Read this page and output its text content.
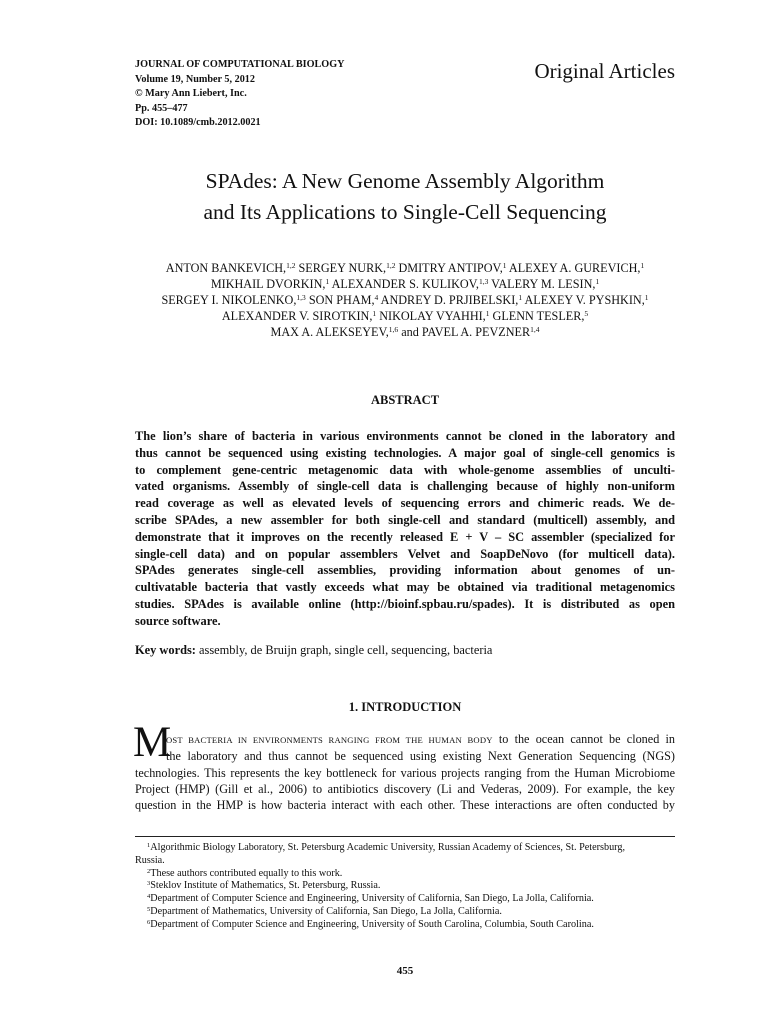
JOURNAL OF COMPUTATIONAL BIOLOGY
Volume 19, Number 5, 2012
© Mary Ann Liebert, Inc.
Pp. 455–477
DOI: 10.1089/cmb.2012.0021
Original Articles
SPAdes: A New Genome Assembly Algorithm
and Its Applications to Single-Cell Sequencing
ANTON BANKEVICH,$^{1,2}$ SERGEY NURK,$^{1,2}$ DMITRY ANTIPOV,$^1$ ALEXEY A. GUREVICH,$^1$
MIKHAIL DVORKIN,$^1$ ALEXANDER S. KULIKOV,$^{1,3}$ VALERY M. LESIN,$^1$
SERGEY I. NIKOLENKO,$^{1,3}$ SON PHAM,$^4$ ANDREY D. PRJIBELSKI,$^1$ ALEXEY V. PYSHKIN,$^1$
ALEXANDER V. SIROTKIN,$^1$ NIKOLAY VYAHHI,$^1$ GLENN TESLER,$^5$
MAX A. ALEKSEYEV,$^{1,6}$ and PAVEL A. PEVZNER$^{1,4}$
ABSTRACT
The lion’s share of bacteria in various environments cannot be cloned in the laboratory and
thus cannot be sequenced using existing technologies. A major goal of single-cell genomics is
to complement gene-centric metagenomic data with whole-genome assemblies of unculti-
vated organisms. Assembly of single-cell data is challenging because of highly non-uniform
read coverage as well as elevated levels of sequencing errors and chimeric reads. We de-
scribe SPAdes, a new assembler for both single-cell and standard (multicell) assembly, and
demonstrate that it improves on the recently released E + V – SC assembler (specialized for
single-cell data) and on popular assemblers Velvet and SoapDeNovo (for multicell data).
SPAdes generates single-cell assemblies, providing information about genomes of un-
cultivatable bacteria that vastly exceeds what may be obtained via traditional metagenomics
studies. SPAdes is available online (http://bioinf.spbau.ru/spades). It is distributed as open
source software.
Key words: assembly, de Bruijn graph, single cell, sequencing, bacteria
1. INTRODUCTION
M
OST BACTERIA IN ENVIRONMENTS RANGING FROM THE HUMAN BODY to the ocean cannot be cloned in
the laboratory and thus cannot be sequenced using existing Next Generation Sequencing (NGS)
technologies. This represents the key bottleneck for various projects ranging from the Human Microbiome
Project (HMP) (Gill et al., 2006) to antibiotics discovery (Li and Vederas, 2009). For example, the key
question in the HMP is how bacteria interact with each other. These interactions are often conducted by
$^1$Algorithmic Biology Laboratory, St. Petersburg Academic University, Russian Academy of Sciences, St. Petersburg,
Russia.
$^2$These authors contributed equally to this work.
$^3$Steklov Institute of Mathematics, St. Petersburg, Russia.
$^4$Department of Computer Science and Engineering, University of California, San Diego, La Jolla, California.
$^5$Department of Mathematics, University of California, San Diego, La Jolla, California.
$^6$Department of Computer Science and Engineering, University of South Carolina, Columbia, South Carolina.
455
